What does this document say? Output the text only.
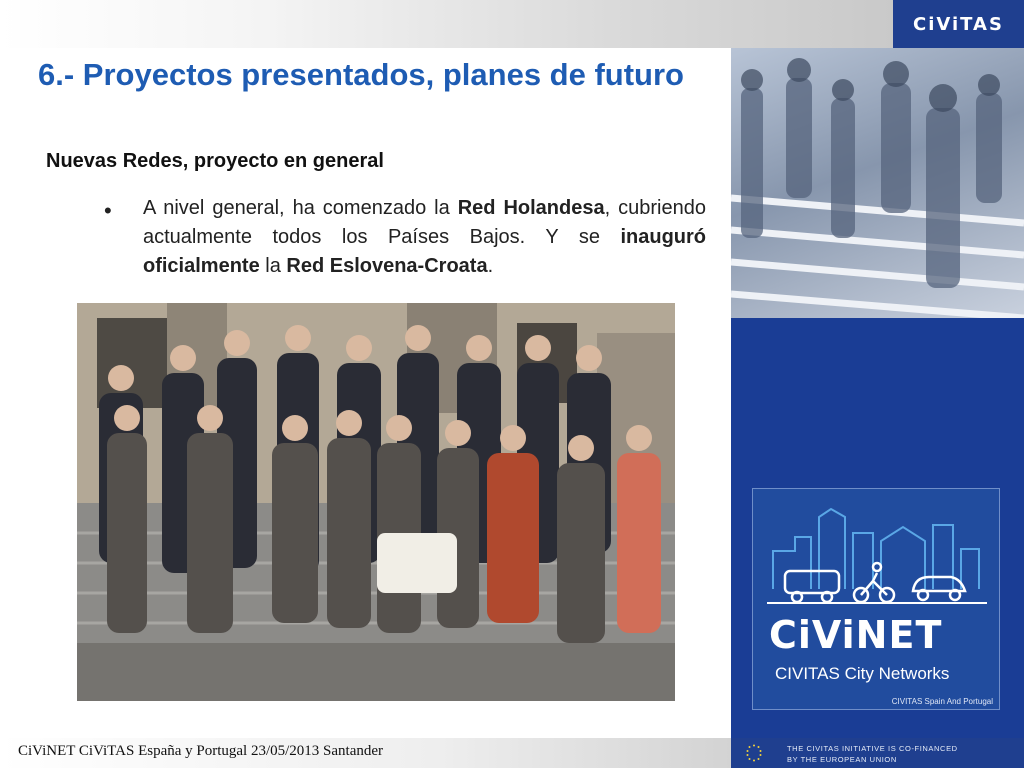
CiViTAS
CiViNET
CIVITAS City Networks
CIVITAS Spain And Portugal
6.- Proyectos presentados, planes de futuro
Nuevas Redes, proyecto en general
• A nivel general, ha comenzado la Red Holandesa, cubriendo actualmente todos los Países Bajos. Y se inauguró oficialmente la Red Eslovena-Croata.
CiViNET CiViTAS España y Portugal 23/05/2013 Santander	THE CIVITAS INITIATIVE IS CO-FINANCED
BY THE EUROPEAN UNION
